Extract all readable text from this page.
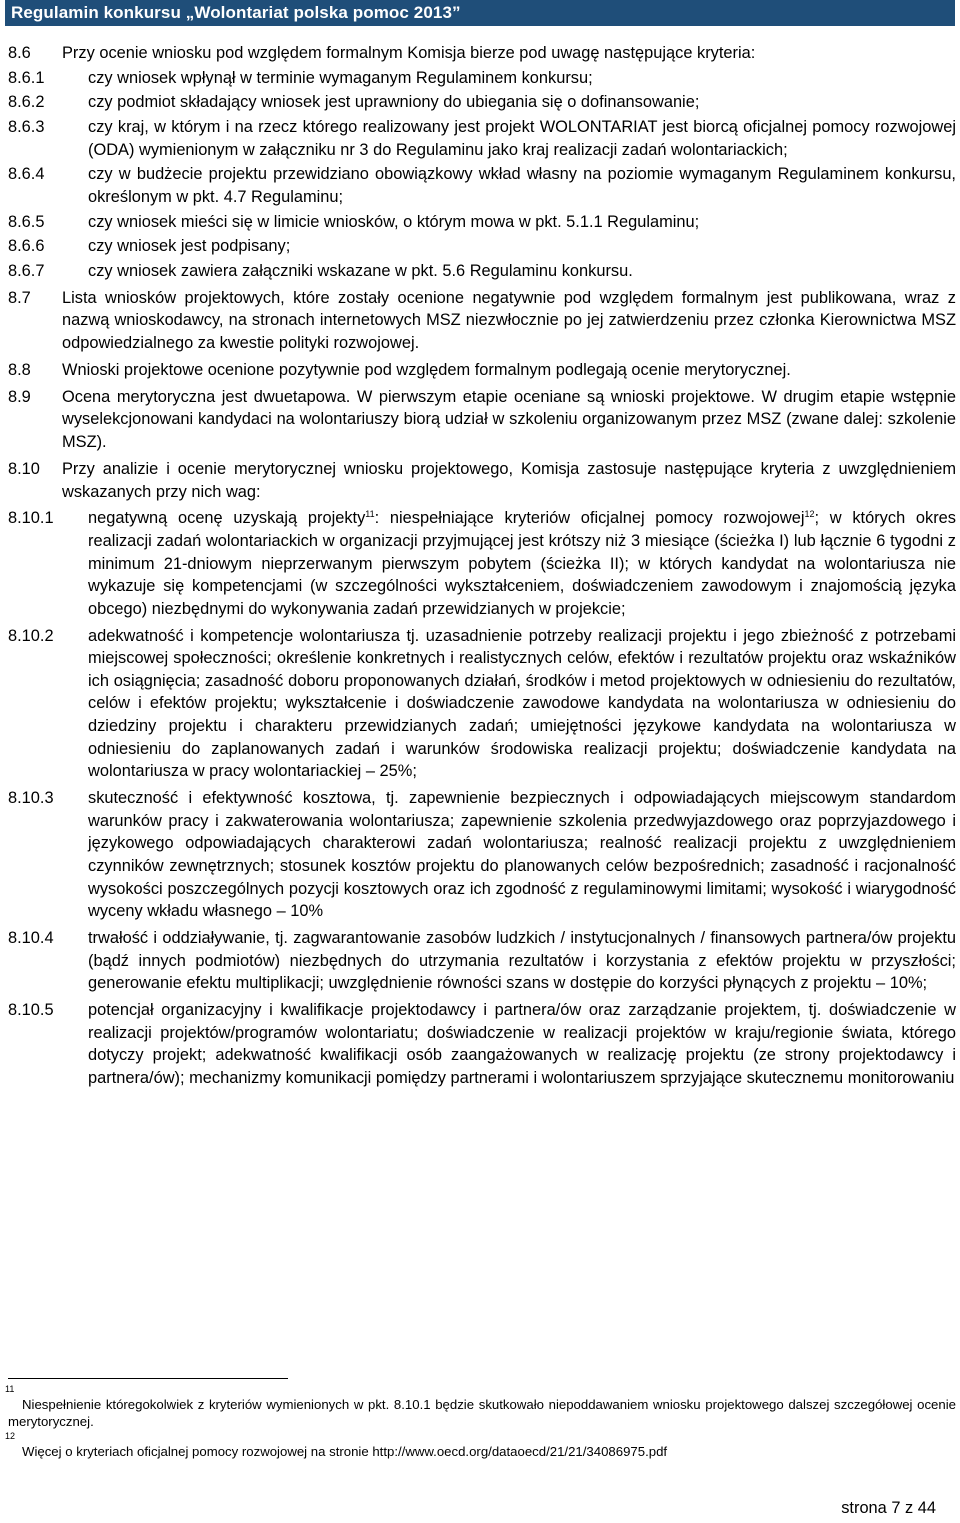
Regulamin konkursu „Wolontariat polska pomoc 2013”
8.6	Przy ocenie wniosku pod względem formalnym Komisja bierze pod uwagę następujące kryteria:
8.6.1	czy wniosek wpłynął w terminie wymaganym Regulaminem konkursu;
8.6.2	czy podmiot składający wniosek jest uprawniony do ubiegania się o dofinansowanie;
8.6.3	czy kraj, w którym i na rzecz którego realizowany jest projekt WOLONTARIAT jest biorcą oficjalnej pomocy rozwojowej (ODA) wymienionym w załączniku nr 3 do Regulaminu jako kraj realizacji zadań wolontariackich;
8.6.4	czy w budżecie projektu przewidziano obowiązkowy wkład własny na poziomie wymaganym Regulaminem konkursu, określonym w pkt. 4.7 Regulaminu;
8.6.5	czy wniosek mieści się w limicie wniosków, o którym mowa w pkt. 5.1.1 Regulaminu;
8.6.6	czy wniosek jest podpisany;
8.6.7	czy wniosek zawiera załączniki wskazane w pkt. 5.6 Regulaminu konkursu.
8.7	Lista wniosków projektowych, które zostały ocenione negatywnie pod względem formalnym jest publikowana, wraz z nazwą wnioskodawcy, na stronach internetowych MSZ niezwłocznie po jej zatwierdzeniu przez członka Kierownictwa MSZ odpowiedzialnego za kwestie polityki rozwojowej.
8.8	Wnioski projektowe ocenione pozytywnie pod względem formalnym podlegają ocenie merytorycznej.
8.9	Ocena merytoryczna jest dwuetapowa. W pierwszym etapie oceniane są wnioski projektowe. W drugim etapie wstępnie wyselekcjonowani kandydaci na wolontariuszy biorą udział w szkoleniu organizowanym przez MSZ (zwane dalej: szkolenie MSZ).
8.10	Przy analizie i ocenie merytorycznej wniosku projektowego, Komisja zastosuje następujące kryteria z uwzględnieniem wskazanych przy nich wag:
8.10.1	negatywną ocenę uzyskają projekty$^{11}$: niespełniające kryteriów oficjalnej pomocy rozwojowej$^{12}$; w których okres realizacji zadań wolontariackich w organizacji przyjmującej jest krótszy niż 3 miesiące (ścieżka I) lub łącznie 6 tygodni z minimum 21-dniowym nieprzerwanym pierwszym pobytem (ścieżka II); w których kandydat na wolontariusza nie wykazuje się kompetencjami (w szczególności wykształceniem, doświadczeniem zawodowym i znajomością języka obcego) niezbędnymi do wykonywania zadań przewidzianych w projekcie;
8.10.2	adekwatność i kompetencje wolontariusza tj. uzasadnienie potrzeby realizacji projektu i jego zbieżność z potrzebami miejscowej społeczności; określenie konkretnych i realistycznych celów, efektów i rezultatów projektu oraz wskaźników ich osiągnięcia; zasadność doboru proponowanych działań, środków i metod projektowych w odniesieniu do rezultatów, celów i efektów projektu; wykształcenie i doświadczenie zawodowe kandydata na wolontariusza w odniesieniu do dziedziny projektu i charakteru przewidzianych zadań; umiejętności językowe kandydata na wolontariusza w odniesieniu do zaplanowanych zadań i warunków środowiska realizacji projektu; doświadczenie kandydata na wolontariusza w pracy wolontariackiej – 25%;
8.10.3	skuteczność i efektywność kosztowa, tj. zapewnienie bezpiecznych i odpowiadających miejscowym standardom warunków pracy i zakwaterowania wolontariusza; zapewnienie szkolenia przedwyjazdowego oraz poprzyjazdowego i językowego odpowiadających charakterowi zadań wolontariusza; realność realizacji projektu z uwzględnieniem czynników zewnętrznych; stosunek kosztów projektu do planowanych celów bezpośrednich; zasadność i racjonalność wysokości poszczególnych pozycji kosztowych oraz ich zgodność z regulaminowymi limitami; wysokość i wiarygodność wyceny wkładu własnego – 10%
8.10.4	trwałość i oddziaływanie, tj. zagwarantowanie zasobów ludzkich / instytucjonalnych / finansowych partnera/ów projektu (bądź innych podmiotów) niezbędnych do utrzymania rezultatów i korzystania z efektów projektu w przyszłości; generowanie efektu multiplikacji; uwzględnienie równości szans w dostępie do korzyści płynących z projektu – 10%;
8.10.5	potencjał organizacyjny i kwalifikacje projektodawcy i partnera/ów oraz zarządzanie projektem, tj. doświadczenie w realizacji projektów/programów wolontariatu; doświadczenie w realizacji projektów w kraju/regionie świata, którego dotyczy projekt; adekwatność kwalifikacji osób zaangażowanych w realizację projektu (ze strony projektodawcy i partnera/ów); mechanizmy komunikacji pomiędzy partnerami i wolontariuszem sprzyjające skutecznemu monitorowaniu
11
Niespełnienie któregokolwiek z kryteriów wymienionych w pkt. 8.10.1 będzie skutkowało niepoddawaniem wniosku projektowego dalszej szczegółowej ocenie merytorycznej.
12
Więcej o kryteriach oficjalnej pomocy rozwojowej na stronie http://www.oecd.org/dataoecd/21/21/34086975.pdf
strona 7 z 44
